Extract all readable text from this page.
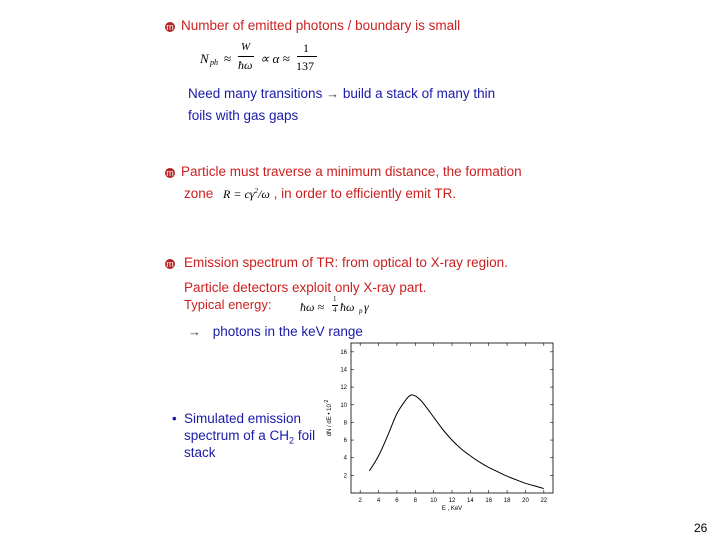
m Number of emitted photons / boundary is small
N ph ≈
W
ħω ∝ α ≈
1
137
Need many transitions → build a stack of many thin
foils with gas gaps
m Particle must traverse a minimum distance, the formation
zone $R = c\gamma^2/\omega$ , in order to efficiently emit TR.
m Emission spectrum of TR: from optical to X-ray region.
Particle detectors exploit only X-ray part.
Typical energy: ħω ≈
1
4 ħω p γ
→ photons in the keV range
• Simulated emission
spectrum of a $CH_2$ foil
stack
2	4	6	8 10 12 14 16 18 20 22
2
4
6
8
10
12
14
16
E , KeV
dN / dE • $10^{-2}$
26
